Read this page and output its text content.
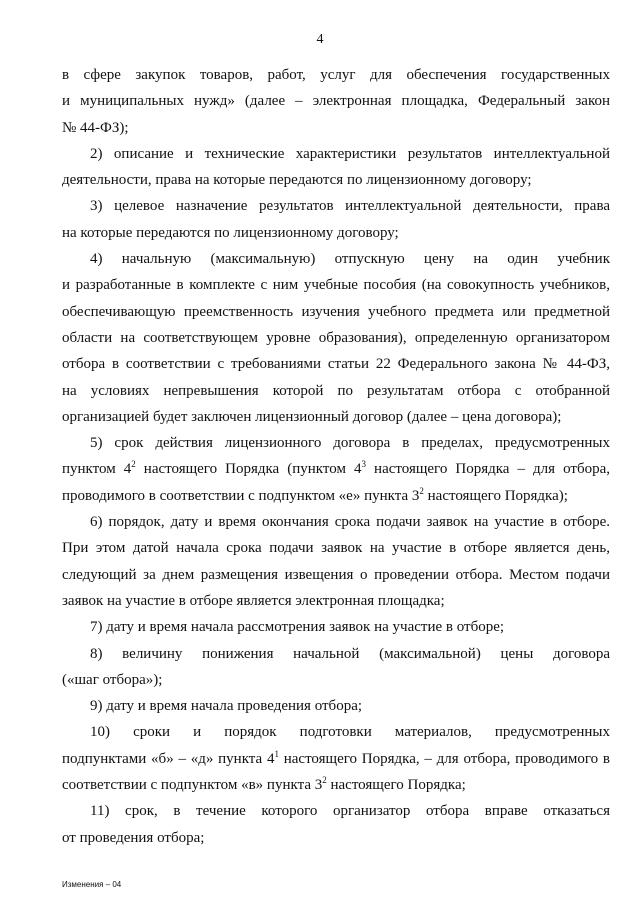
4
в сфере закупок товаров, работ, услуг для обеспечения государственных
и муниципальных нужд» (далее – электронная площадка, Федеральный закон
№ 44-ФЗ);
2) описание и технические характеристики результатов интеллектуальной
деятельности, права на которые передаются по лицензионному договору;
3) целевое назначение результатов интеллектуальной деятельности, права
на которые передаются по лицензионному договору;
4) начальную (максимальную) отпускную цену на один учебник
и разработанные в комплекте с ним учебные пособия (на совокупность учебников,
обеспечивающую преемственность изучения учебного предмета или предметной
области на соответствующем уровне образования), определенную организатором
отбора в соответствии с требованиями статьи 22 Федерального закона № 44-ФЗ,
на условиях непревышения которой по результатам отбора с отобранной
организацией будет заключен лицензионный договор (далее – цена договора);
5) срок действия лицензионного договора в пределах, предусмотренных
пунктом $4^2$ настоящего Порядка (пунктом $4^3$ настоящего Порядка – для отбора,
проводимого в соответствии с подпунктом «е» пункта $3^2$ настоящего Порядка);
6) порядок, дату и время окончания срока подачи заявок на участие в отборе.
При этом датой начала срока подачи заявок на участие в отборе является день,
следующий за днем размещения извещения о проведении отбора. Местом подачи
заявок на участие в отборе является электронная площадка;
7) дату и время начала рассмотрения заявок на участие в отборе;
8) величину понижения начальной (максимальной) цены договора
(«шаг отбора»);
9) дату и время начала проведения отбора;
10) сроки и порядок подготовки материалов, предусмотренных
подпунктами «б» – «д» пункта $4^1$ настоящего Порядка, – для отбора, проводимого в
соответствии с подпунктом «в» пункта $3^2$ настоящего Порядка;
11) срок, в течение которого организатор отбора вправе отказаться
от проведения отбора;
Изменения – 04
